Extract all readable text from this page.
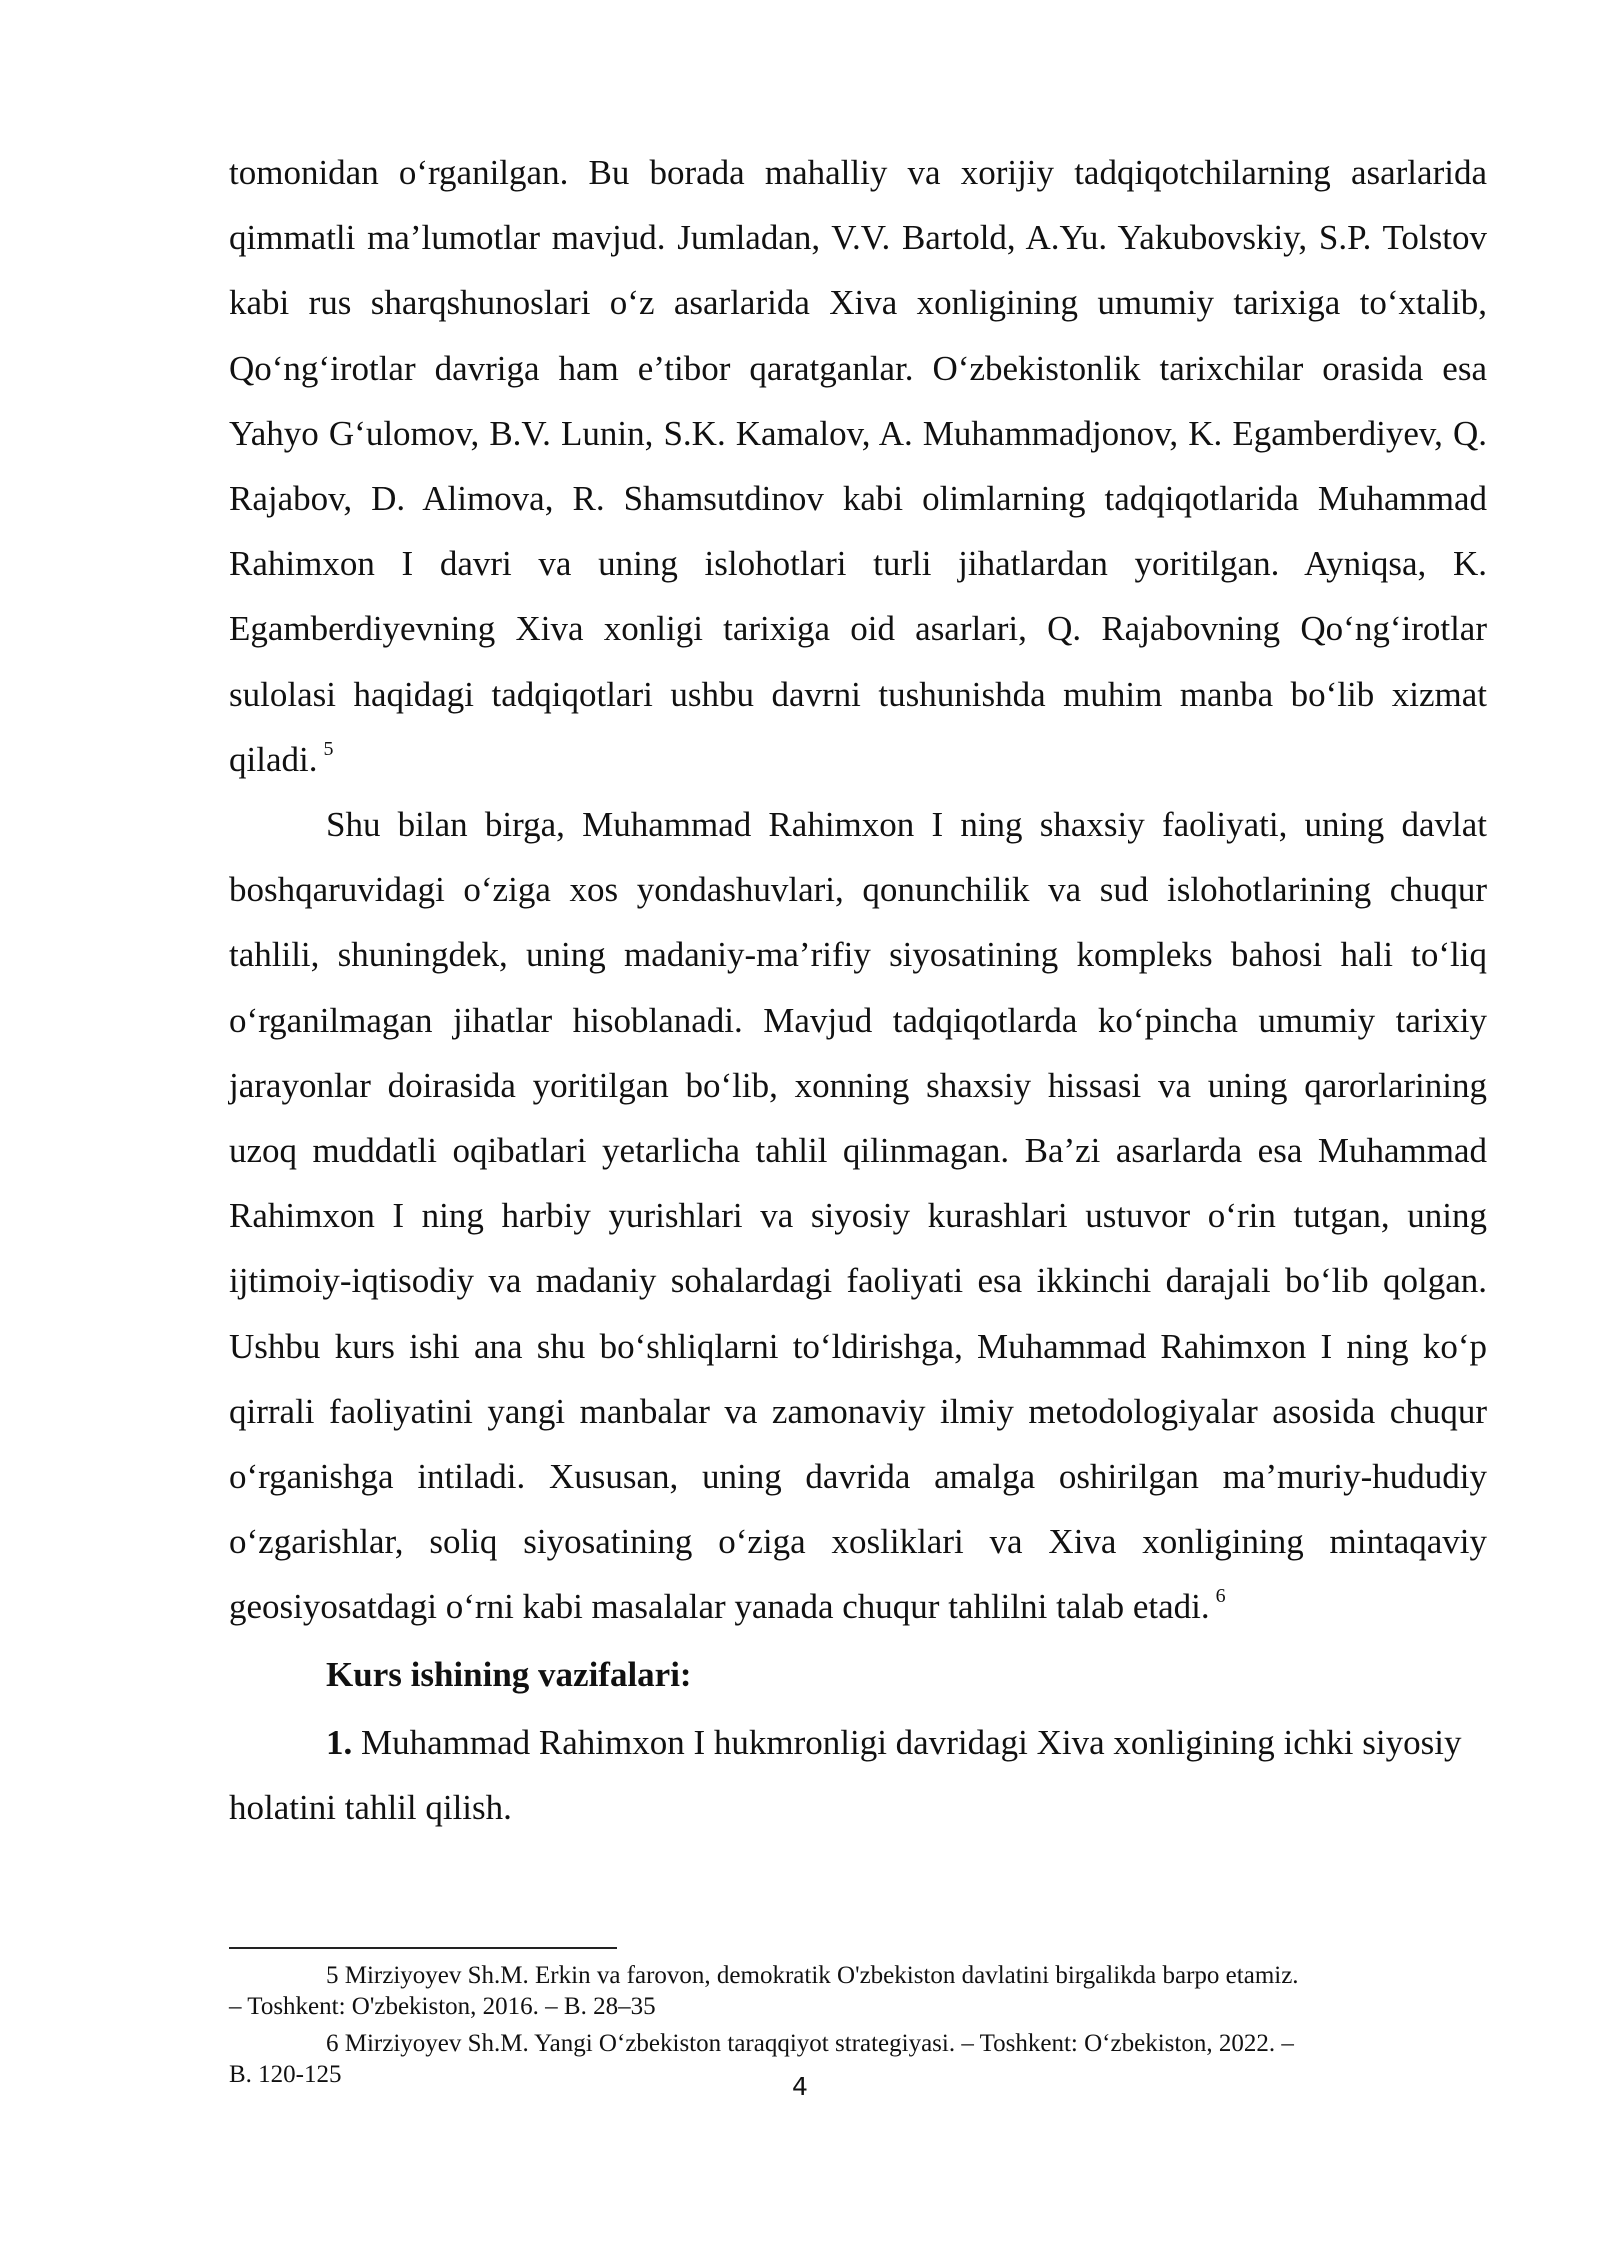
tomonidan oʻrganilgan. Bu borada mahalliy va xorijiy tadqiqotchilarning asarlarida qimmatli ma’lumotlar mavjud. Jumladan, V.V. Bartold, A.Yu. Yakubovskiy, S.P. Tolstov kabi rus sharqshunoslari oʻz asarlarida Xiva xonligining umumiy tarixiga toʻxtalib, Qoʻngʻirotlar davriga ham e’tibor qaratganlar. Oʻzbekistonlik tarixchilar orasida esa Yahyo Gʻulomov, B.V. Lunin, S.K. Kamalov, A. Muhammadjonov, K. Egamberdiyev, Q. Rajabov, D. Alimova, R. Shamsutdinov kabi olimlarning tadqiqotlarida Muhammad Rahimxon I davri va uning islohotlari turli jihatlardan yoritilgan. Ayniqsa, K. Egamberdiyevning Xiva xonligi tarixiga oid asarlari, Q. Rajabovning Qoʻngʻirotlar sulolasi haqidagi tadqiqotlari ushbu davrni tushunishda muhim manba boʻlib xizmat qiladi. $^5$

Shu bilan birga, Muhammad Rahimxon I ning shaxsiy faoliyati, uning davlat boshqaruvidagi oʻziga xos yondashuvlari, qonunchilik va sud islohotlarining chuqur tahlili, shuningdek, uning madaniy-ma’rifiy siyosatining kompleks bahosi hali toʻliq oʻrganilmagan jihatlar hisoblanadi. Mavjud tadqiqotlarda koʻpincha umumiy tarixiy jarayonlar doirasida yoritilgan boʻlib, xonning shaxsiy hissasi va uning qarorlarining uzoq muddatli oqibatlari yetarlicha tahlil qilinmagan. Ba’zi asarlarda esa Muhammad Rahimxon I ning harbiy yurishlari va siyosiy kurashlari ustuvor oʻrin tutgan, uning ijtimoiy-iqtisodiy va madaniy sohalardagi faoliyati esa ikkinchi darajali boʻlib qolgan. Ushbu kurs ishi ana shu boʻshliqlarni toʻldirishga, Muhammad Rahimxon I ning koʻp qirrali faoliyatini yangi manbalar va zamonaviy ilmiy metodologiyalar asosida chuqur oʻrganishga intiladi. Xususan, uning davrida amalga oshirilgan ma’muriy-hududiy oʻzgarishlar, soliq siyosatining oʻziga xosliklari va Xiva xonligining mintaqaviy geosiyosatdagi oʻrni kabi masalalar yanada chuqur tahlilni talab etadi. $^6$

Kurs ishining vazifalari:

1. Muhammad Rahimxon I hukmronligi davridagi Xiva xonligining ichki siyosiy holatini tahlil qilish.

5 Mirziyoyev Sh.M. Erkin va farovon, demokratik O'zbekiston davlatini birgalikda barpo etamiz.
– Toshkent: O'zbekiston, 2016. – B. 28–35
6 Mirziyoyev Sh.M. Yangi Oʻzbekiston taraqqiyot strategiyasi. – Toshkent: Oʻzbekiston, 2022. –
B. 120-125	4
